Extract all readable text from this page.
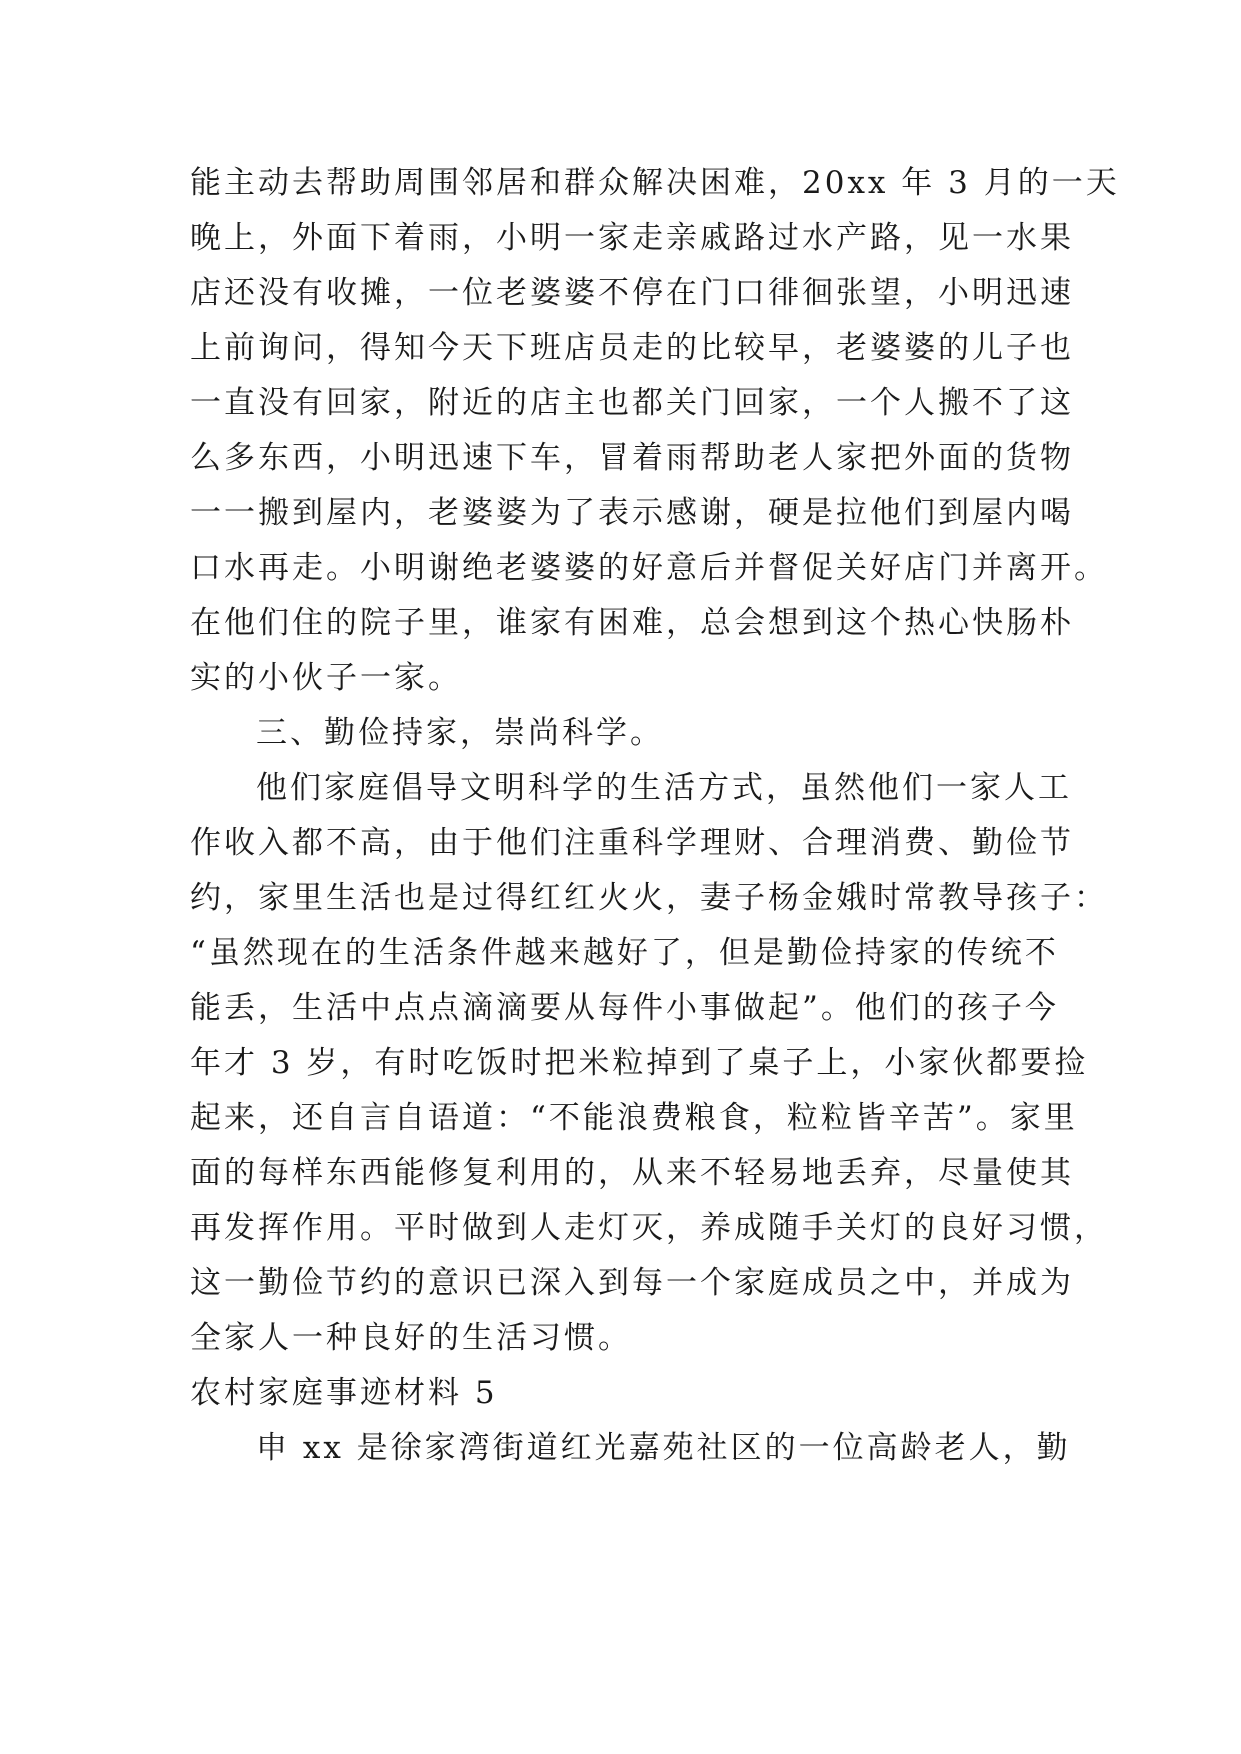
能主动去帮助周围邻居和群众解决困难，20xx 年 3 月的一天
晚上，外面下着雨，小明一家走亲戚路过水产路，见一水果
店还没有收摊，一位老婆婆不停在门口徘徊张望，小明迅速
上前询问，得知今天下班店员走的比较早，老婆婆的儿子也
一直没有回家，附近的店主也都关门回家，一个人搬不了这
么多东西，小明迅速下车，冒着雨帮助老人家把外面的货物
一一搬到屋内，老婆婆为了表示感谢，硬是拉他们到屋内喝
口水再走。小明谢绝老婆婆的好意后并督促关好店门并离开。
在他们住的院子里，谁家有困难，总会想到这个热心快肠朴
实的小伙子一家。
三、勤俭持家，崇尚科学。
他们家庭倡导文明科学的生活方式，虽然他们一家人工
作收入都不高，由于他们注重科学理财、合理消费、勤俭节
约，家里生活也是过得红红火火，妻子杨金娥时常教导孩子：
“虽然现在的生活条件越来越好了，但是勤俭持家的传统不
能丢，生活中点点滴滴要从每件小事做起”。他们的孩子今
年才 3 岁，有时吃饭时把米粒掉到了桌子上，小家伙都要捡
起来，还自言自语道：“不能浪费粮食，粒粒皆辛苦”。家里
面的每样东西能修复利用的，从来不轻易地丢弃，尽量使其
再发挥作用。平时做到人走灯灭，养成随手关灯的良好习惯，
这一勤俭节约的意识已深入到每一个家庭成员之中，并成为
全家人一种良好的生活习惯。
农村家庭事迹材料 5
申 xx 是徐家湾街道红光嘉苑社区的一位高龄老人，勤
